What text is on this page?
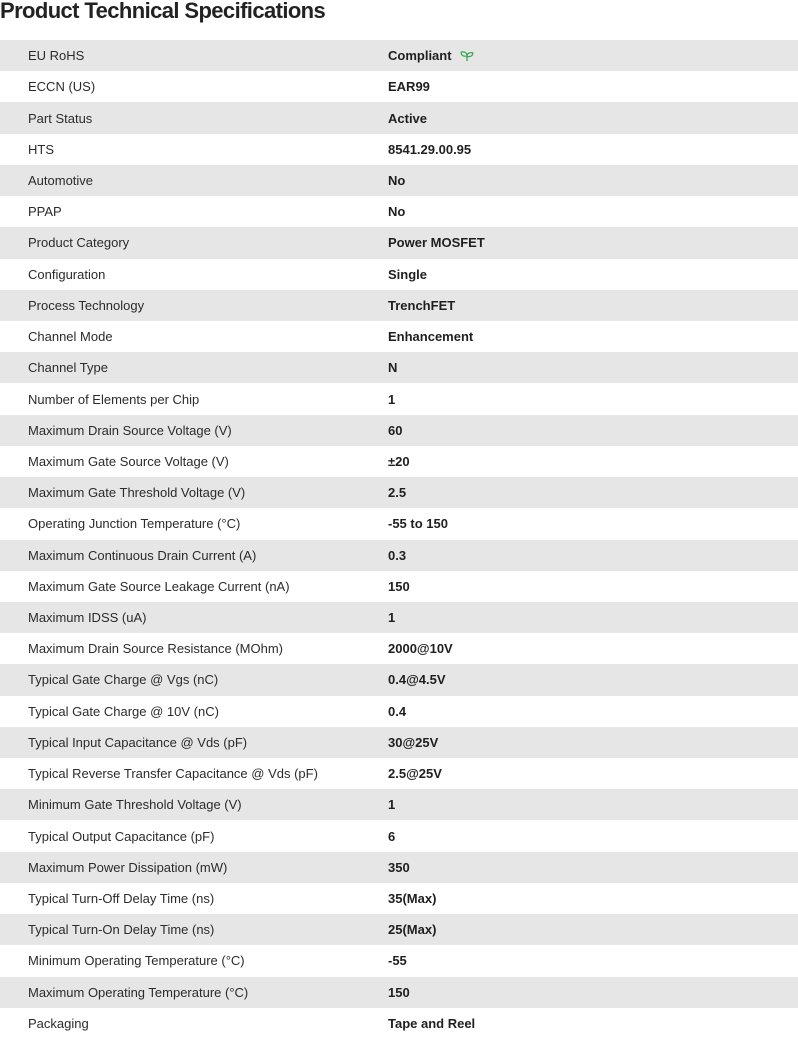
Product Technical Specifications
EU RoHS	Compliant
ECCN (US)	EAR99
Part Status	Active
HTS	8541.29.00.95
Automotive	No
PPAP	No
Product Category	Power MOSFET
Configuration	Single
Process Technology	TrenchFET
Channel Mode	Enhancement
Channel Type	N
Number of Elements per Chip	1
Maximum Drain Source Voltage (V)	60
Maximum Gate Source Voltage (V)	±20
Maximum Gate Threshold Voltage (V)	2.5
Operating Junction Temperature (°C)	-55 to 150
Maximum Continuous Drain Current (A)	0.3
Maximum Gate Source Leakage Current (nA)	150
Maximum IDSS (uA)	1
Maximum Drain Source Resistance (MOhm)	2000@10V
Typical Gate Charge @ Vgs (nC)	0.4@4.5V
Typical Gate Charge @ 10V (nC)	0.4
Typical Input Capacitance @ Vds (pF)	30@25V
Typical Reverse Transfer Capacitance @ Vds (pF)	2.5@25V
Minimum Gate Threshold Voltage (V)	1
Typical Output Capacitance (pF)	6
Maximum Power Dissipation (mW)	350
Typical Turn-Off Delay Time (ns)	35(Max)
Typical Turn-On Delay Time (ns)	25(Max)
Minimum Operating Temperature (°C)	-55
Maximum Operating Temperature (°C)	150
Packaging	Tape and Reel
